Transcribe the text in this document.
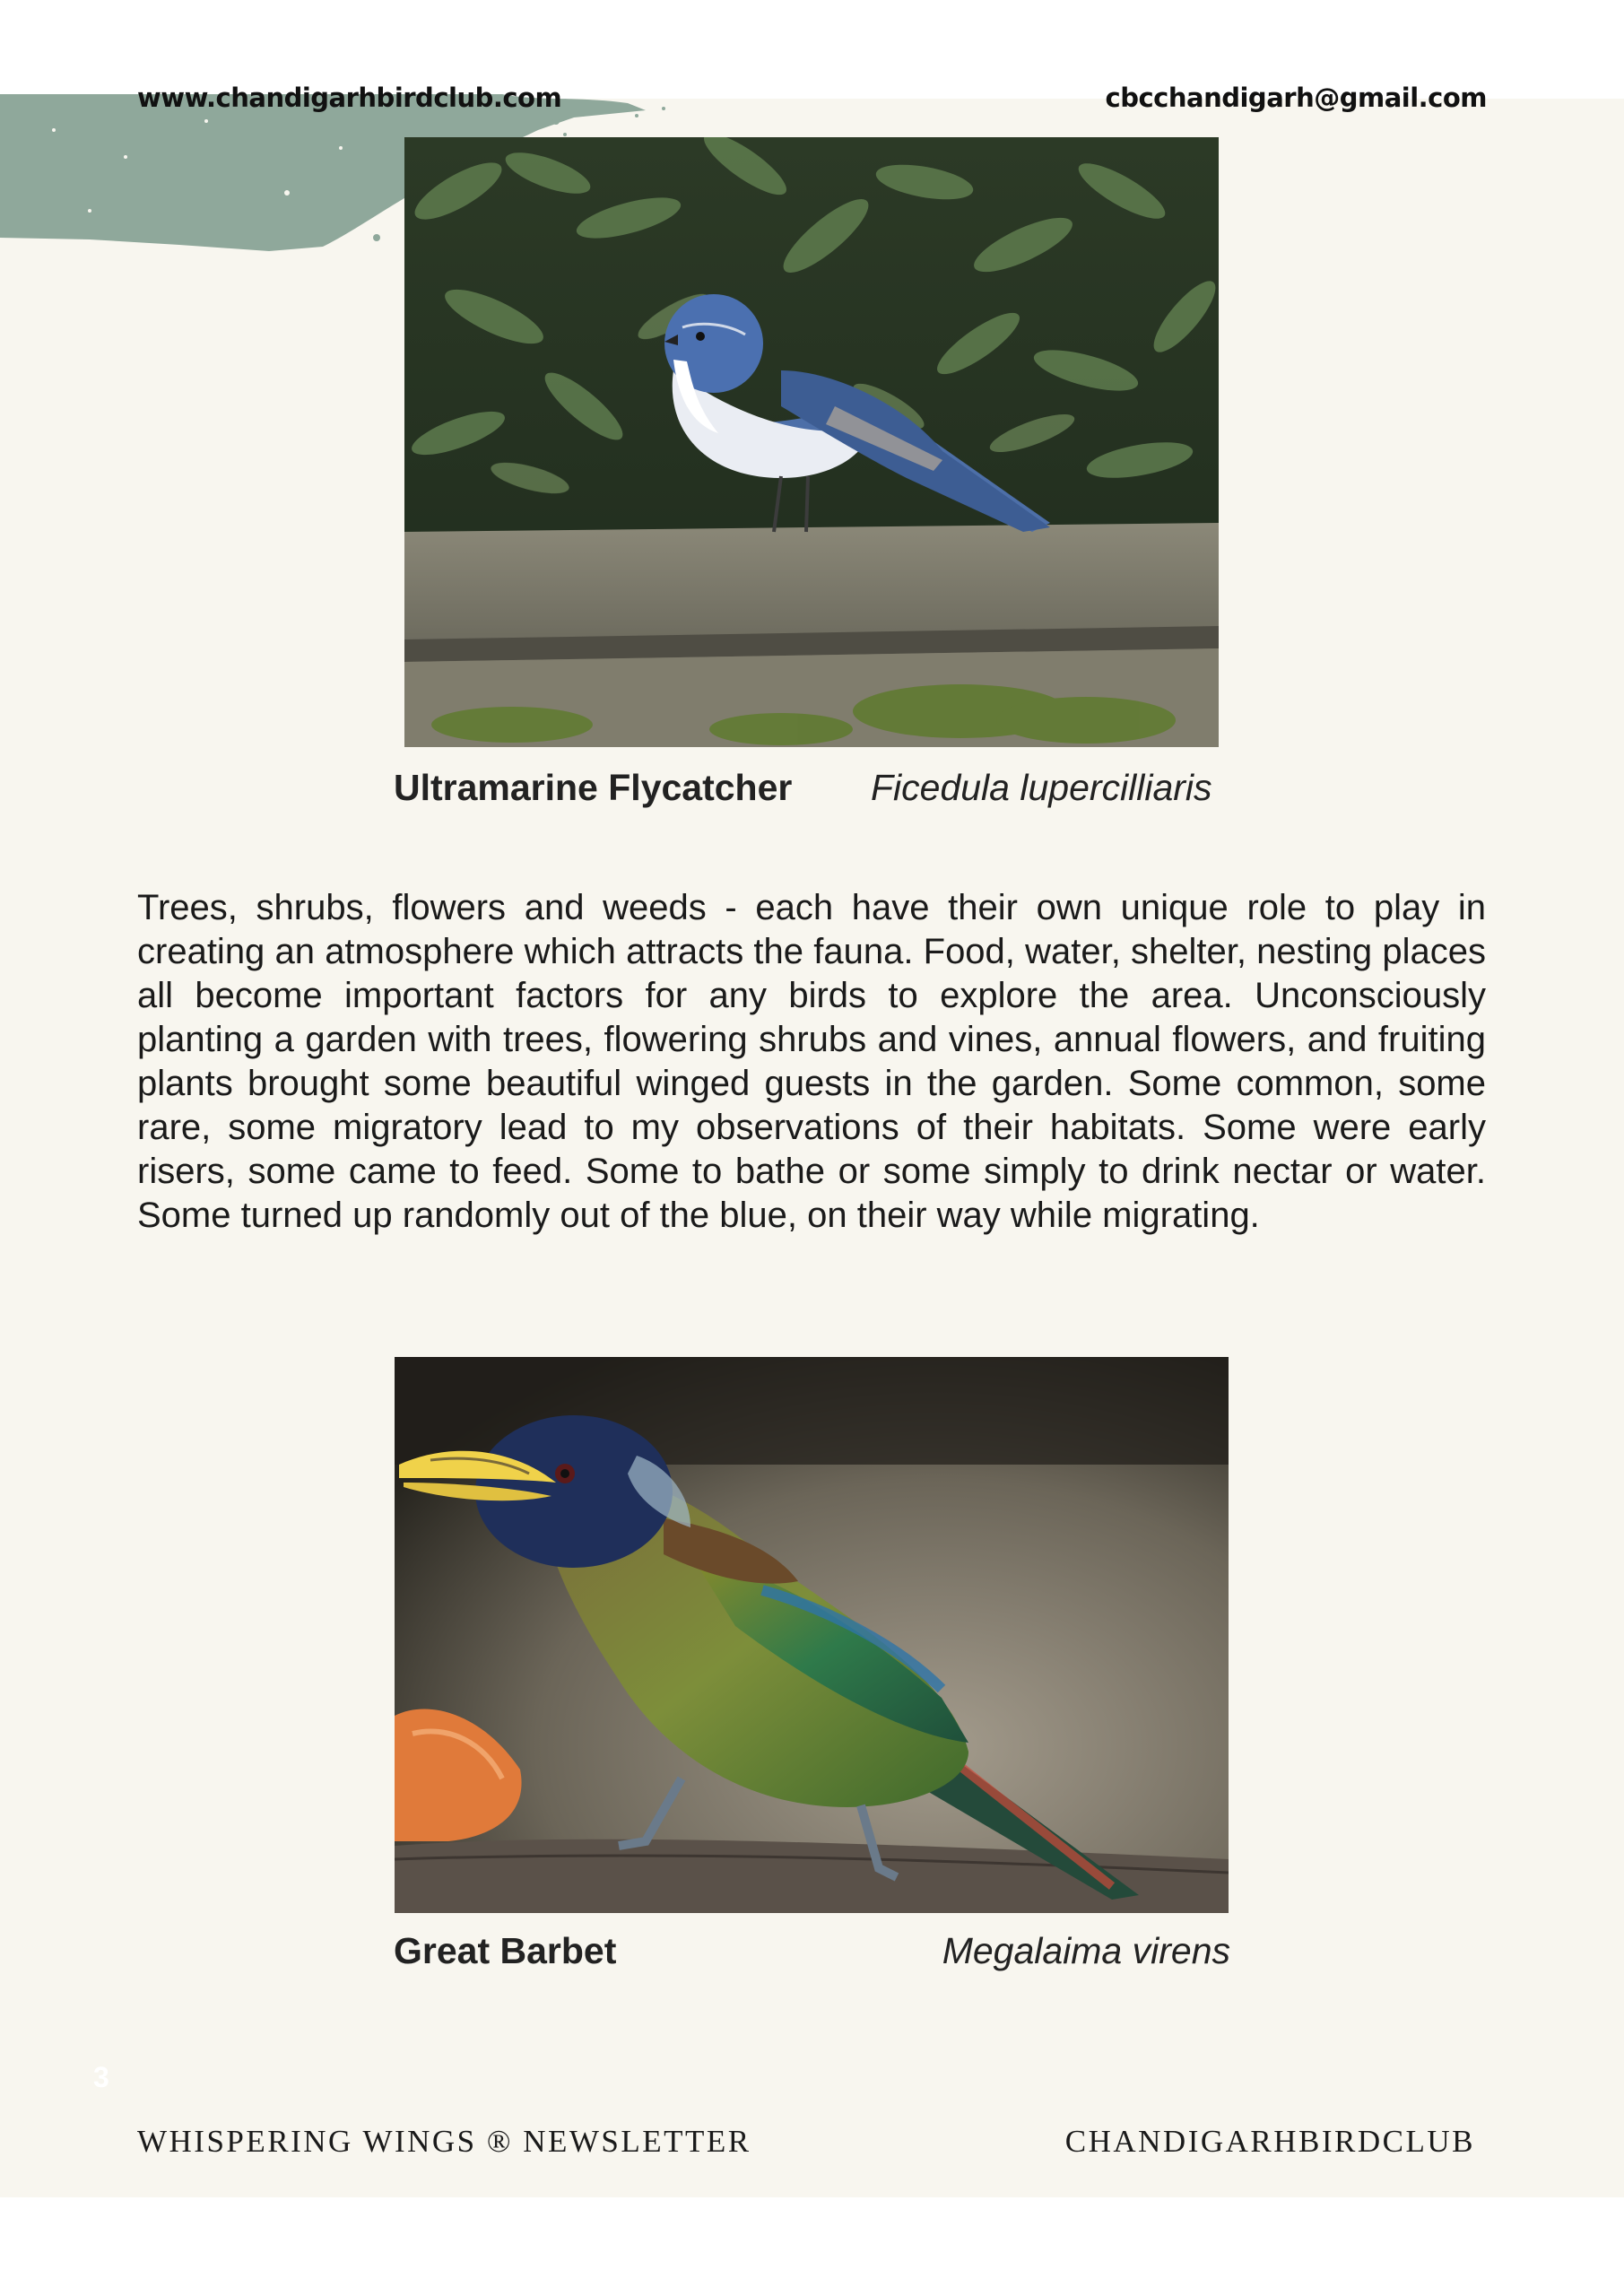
www.chandigarhbirdclub.com	cbcchandigarh@gmail.com
Ultramarine Flycatcher Ficedula lupercilliaris

Trees, shrubs, flowers and weeds - each have their own unique role to play in creating an atmosphere which attracts the fauna. Food, water, shelter, nesting places all become important factors for any birds to explore the area. Unconsciously planting a garden with trees, flowering shrubs and vines, annual flowers, and fruiting plants brought some beautiful winged guests in the garden. Some common, some rare, some migratory lead to my observations of their habitats. Some were early risers, some came to feed. Some to bathe or some simply to drink nectar or water. Some turned up randomly out of the blue, on their way while migrating.

Great Barbet	Megalaima virens
3
WHISPERING WINGS ® NEWSLETTER	CHANDIGARHBIRDCLUB
